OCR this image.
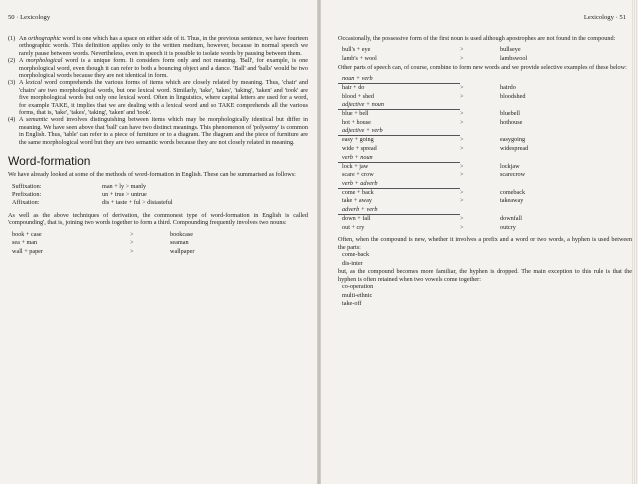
50 · Lexicology
(1) An orthographic word is one which has a space on either side of it. Thus, in the previous sentence, we have fourteen orthographic words. This definition applies only to the written medium, however, because in normal speech we rarely pause between words. Nevertheless, even in speech it is possible to isolate words by pausing between them.
(2) A morphological word is a unique form. It considers form only and not meaning. 'Ball', for example, is one morphological word, even though it can refer to both a bouncing object and a dance. 'Ball' and 'balls' would be two morphological words because they are not identical in form.
(3) A lexical word comprehends the various forms of items which are closely related by meaning. Thus, 'chair' and 'chairs' are two morphological words, but one lexical word. Similarly, 'take', 'takes', 'taking', 'taken' and 'took' are five morphological words but only one lexical word. Often in linguistics, where capital letters are used for a word, for example TAKE, it implies that we are dealing with a lexical word and so TAKE comprehends all the various forms, that is, 'take', 'takes', 'taking', 'taken' and 'took'.
(4) A semantic word involves distinguishing between items which may be morphologically identical but differ in meaning. We have seen above that 'ball' can have two distinct meanings. This phenomenon of 'polysemy' is common in English. Thus, 'table' can refer to a piece of furniture or to a diagram. The diagram and the piece of furniture are the same morphological word but they are two semantic words because they are not closely related in meaning.
Word-formation

We have already looked at some of the methods of word-formation in English. These can be summarised as follows:

Suffixation:	man + ly > manly
Prefixation:	un + true > untrue
Affixation:	dis + taste + ful > distasteful

As well as the above techniques of derivation, the commonest type of word-formation in English is called 'compounding', that is, joining two words together to form a third. Compounding frequently involves two nouns:

book + case	>	bookcase
sea + man	>	seaman
wall + paper	>	wallpaper
Lexicology · 51

Occasionally, the possessive form of the first noun is used although apostrophes are not found in the compound:

bull's + eye	>	bullseye
lamb's + wool	>	lambswool

Other parts of speech can, of course, combine to form new words and we provide selective examples of these below:

noun + verb
hair + do	>	hairdo
blood + shed	>	bloodshed
adjective + noun
blue + bell	>	bluebell
hot + house	>	hothouse
adjective + verb
easy + going	>	easygoing
wide + spread	>	widespread
verb + noun
lock + jaw	>	lockjaw
scare + crow	>	scarecrow
verb + adverb
come + back	>	comeback
take + away	>	takeaway
adverb + verb
down + fall	>	downfall
out + cry	>	outcry

Often, when the compound is new, whether it involves a prefix and a word or two words, a hyphen is used between the parts:

come-back
dis-inter

but, as the compound becomes more familiar, the hyphen is dropped. The main exception to this rule is that the hyphen is often retained when two vowels come together:

co-operation
multi-ethnic
take-off
